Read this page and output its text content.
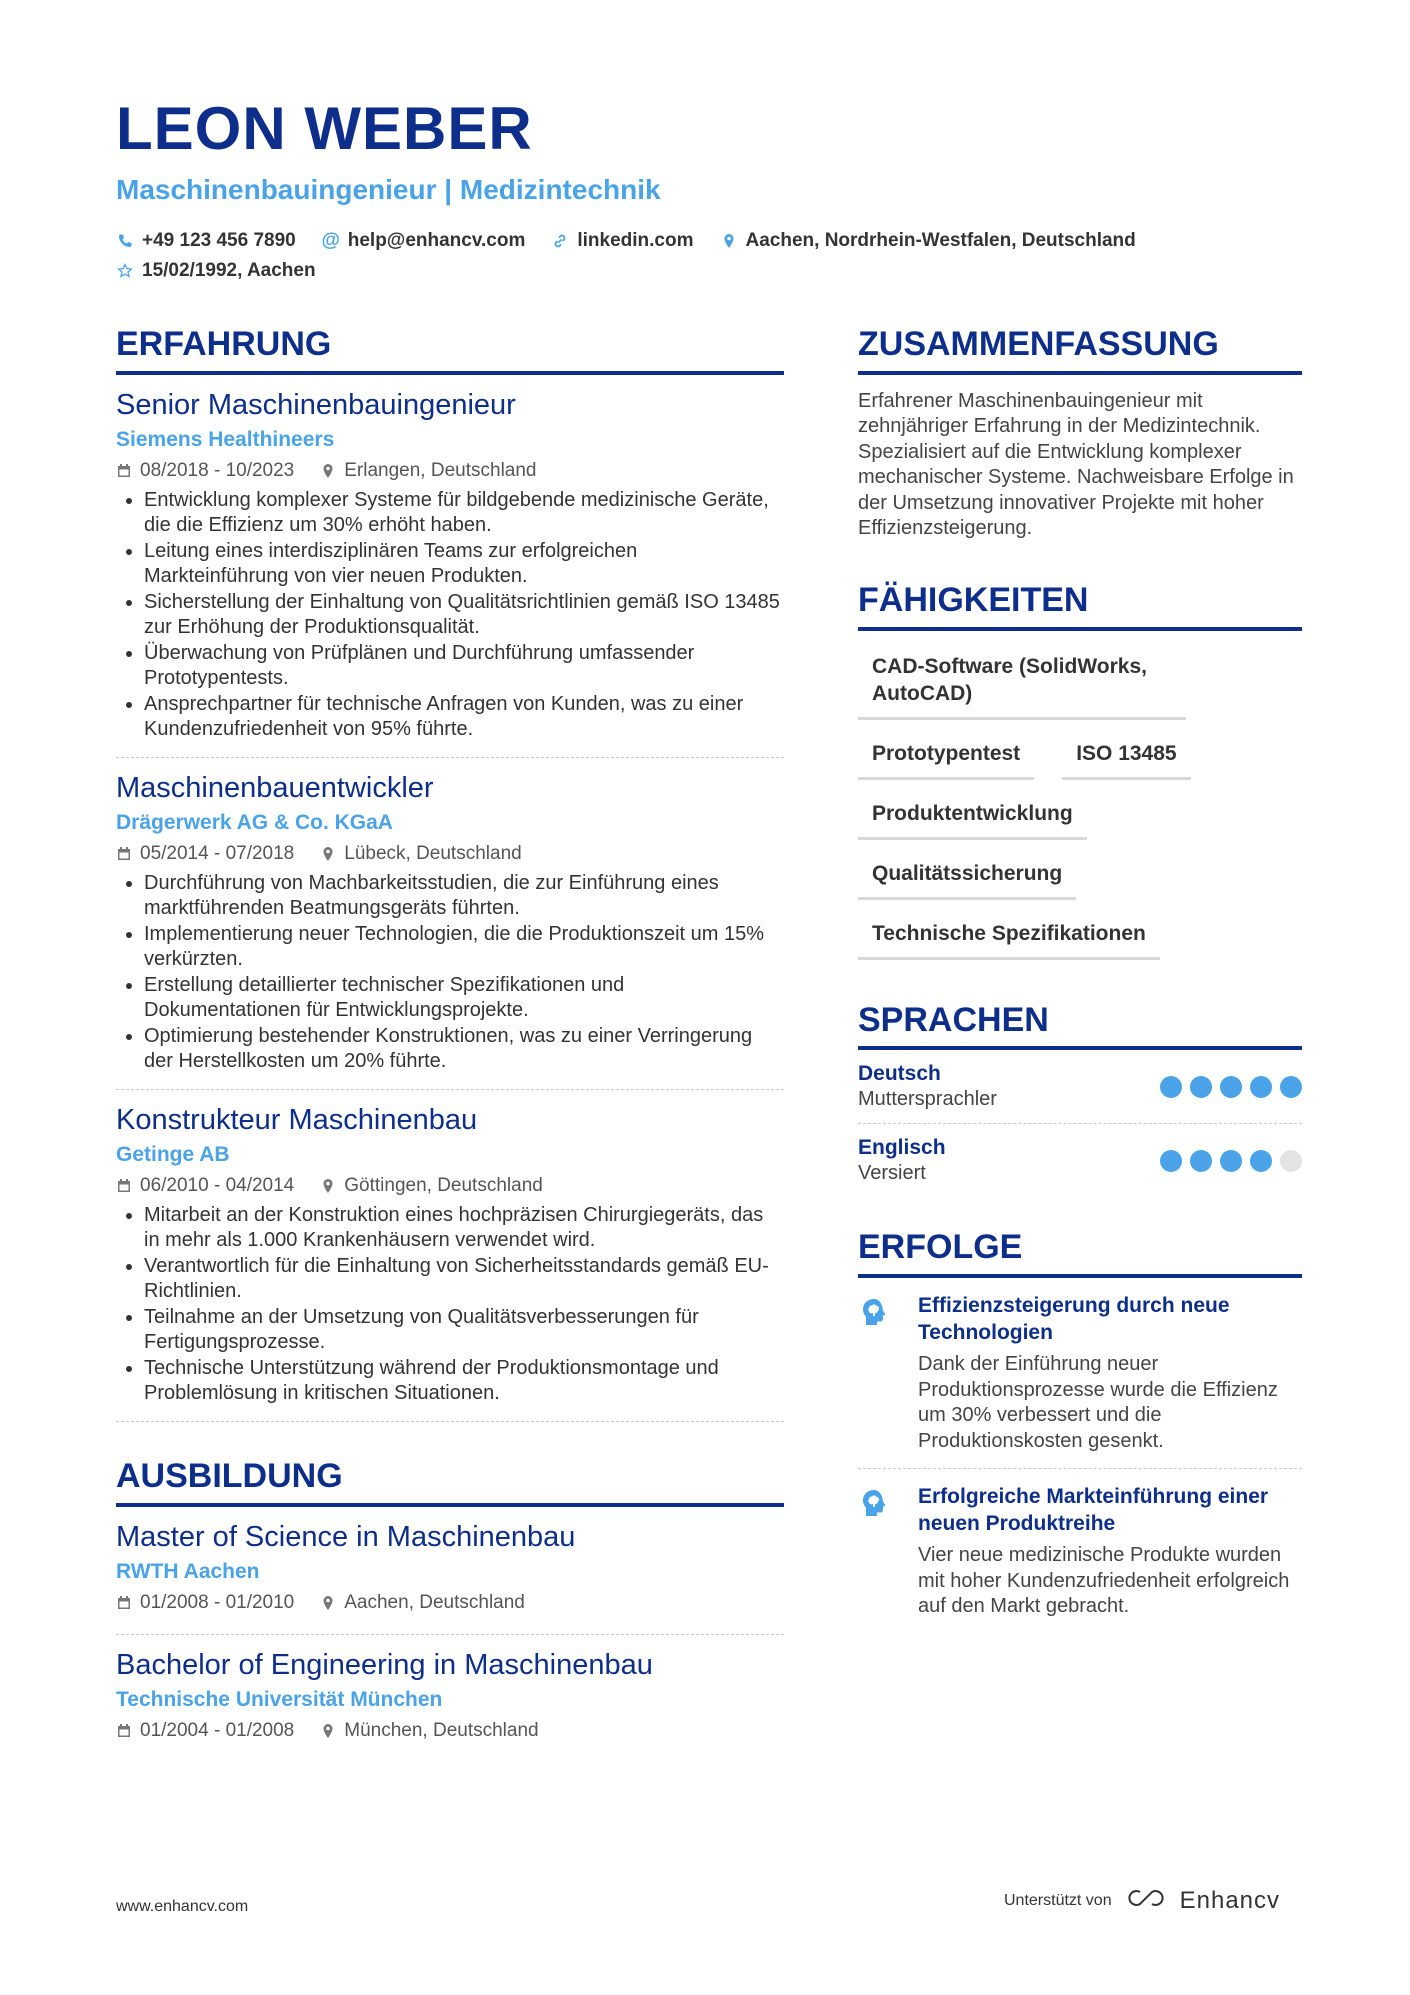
LEON WEBER
Maschinenbauingenieur | Medizintechnik
+49 123 456 7890 @ help@enhancv.com	linkedin.com	Aachen, Nordrhein-Westfalen, Deutschland
15/02/1992, Aachen
ERFAHRUNG
Senior Maschinenbauingenieur
Siemens Healthineers
08/2018 - 10/2023	Erlangen, Deutschland
• Entwicklung komplexer Systeme für bildgebende medizinische Geräte, die die Effizienz um 30% erhöht haben.
• Leitung eines interdisziplinären Teams zur erfolgreichen Markteinführung von vier neuen Produkten.
• Sicherstellung der Einhaltung von Qualitätsrichtlinien gemäß ISO 13485 zur Erhöhung der Produktionsqualität.
• Überwachung von Prüfplänen und Durchführung umfassender Prototypentests.
• Ansprechpartner für technische Anfragen von Kunden, was zu einer Kundenzufriedenheit von 95% führte.
Maschinenbauentwickler
Drägerwerk AG & Co. KGaA
05/2014 - 07/2018	Lübeck, Deutschland
• Durchführung von Machbarkeitsstudien, die zur Einführung eines marktführenden Beatmungsgeräts führten.
• Implementierung neuer Technologien, die die Produktionszeit um 15% verkürzten.
• Erstellung detaillierter technischer Spezifikationen und Dokumentationen für Entwicklungsprojekte.
• Optimierung bestehender Konstruktionen, was zu einer Verringerung der Herstellkosten um 20% führte.
Konstrukteur Maschinenbau
Getinge AB
06/2010 - 04/2014	Göttingen, Deutschland
• Mitarbeit an der Konstruktion eines hochpräzisen Chirurgiegeräts, das in mehr als 1.000 Krankenhäusern verwendet wird.
• Verantwortlich für die Einhaltung von Sicherheitsstandards gemäß EU-Richtlinien.
• Teilnahme an der Umsetzung von Qualitätsverbesserungen für Fertigungsprozesse.
• Technische Unterstützung während der Produktionsmontage und Problemlösung in kritischen Situationen.
AUSBILDUNG
Master of Science in Maschinenbau
RWTH Aachen
01/2008 - 01/2010	Aachen, Deutschland
Bachelor of Engineering in Maschinenbau
Technische Universität München
01/2004 - 01/2008	München, Deutschland
ZUSAMMENFASSUNG
Erfahrener Maschinenbauingenieur mit zehnjähriger Erfahrung in der Medizintechnik. Spezialisiert auf die Entwicklung komplexer mechanischer Systeme. Nachweisbare Erfolge in der Umsetzung innovativer Projekte mit hoher Effizienzsteigerung.
FÄHIGKEITEN
CAD-Software (SolidWorks, AutoCAD)
Prototypentest	ISO 13485
Produktentwicklung
Qualitätssicherung
Technische Spezifikationen
SPRACHEN
Deutsch
Muttersprachler
Englisch
Versiert
ERFOLGE
Effizienzsteigerung durch neue Technologien
Dank der Einführung neuer Produktionsprozesse wurde die Effizienz um 30% verbessert und die Produktionskosten gesenkt.
Erfolgreiche Markteinführung einer neuen Produktreihe
Vier neue medizinische Produkte wurden mit hoher Kundenzufriedenheit erfolgreich auf den Markt gebracht.
www.enhancv.com	Unterstützt von	Enhancv
